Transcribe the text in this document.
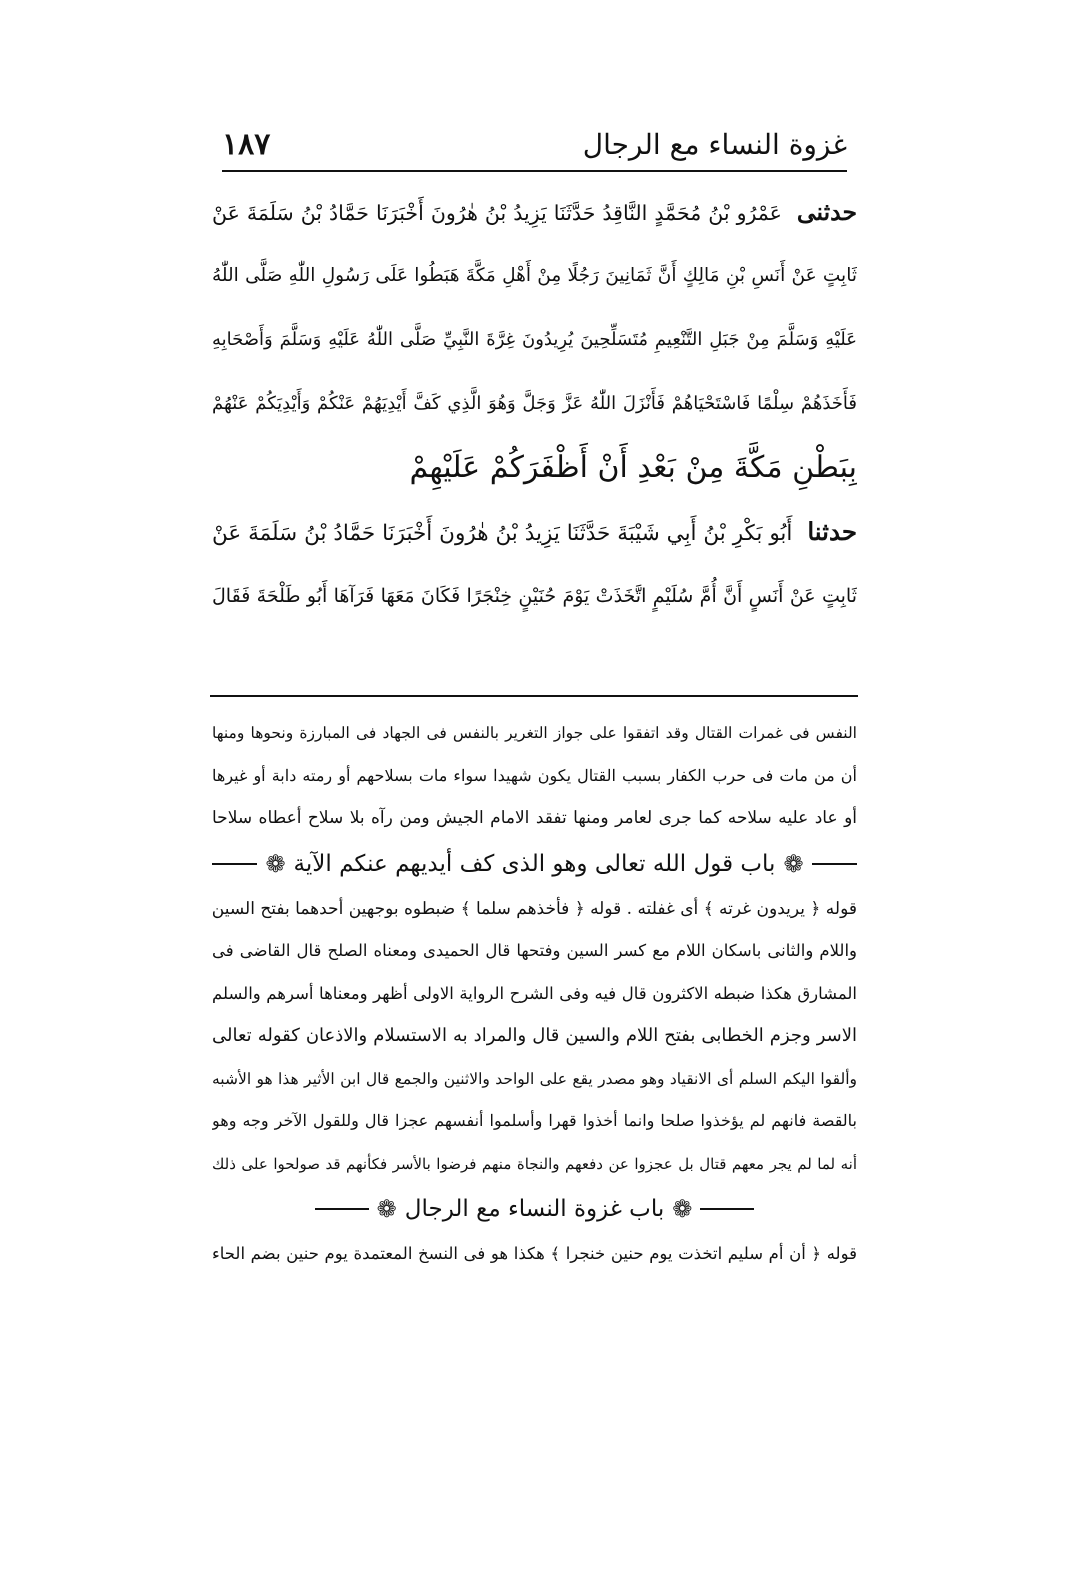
غزوة النساء مع الرجال
١٨٧
حدثنى عَمْرُو بْنُ مُحَمَّدٍ النَّاقِدُ حَدَّثَنَا يَزِيدُ بْنُ هٰرُونَ أَخْبَرَنَا حَمَّادُ بْنُ سَلَمَةَ عَنْ
ثَابِتٍ عَنْ أَنَسِ بْنِ مَالِكٍ أَنَّ ثَمَانِينَ رَجُلًا مِنْ أَهْلِ مَكَّةَ هَبَطُوا عَلَى رَسُولِ اللّٰهِ صَلَّى اللّٰهُ
عَلَيْهِ وَسَلَّمَ مِنْ جَبَلِ التَّنْعِيمِ مُتَسَلِّحِينَ يُرِيدُونَ غِرَّةَ النَّبِيِّ صَلَّى اللّٰهُ عَلَيْهِ وَسَلَّمَ وَأَصْحَابِهِ
فَأَخَذَهُمْ سِلْمًا فَاسْتَحْيَاهُمْ فَأَنْزَلَ اللّٰهُ عَزَّ وَجَلَّ وَهُوَ الَّذِي كَفَّ أَيْدِيَهُمْ عَنْكُمْ وَأَيْدِيَكُمْ عَنْهُمْ
بِبَطْنِ مَكَّةَ مِنْ بَعْدِ أَنْ أَظْفَرَكُمْ عَلَيْهِمْ
حدثنا أَبُو بَكْرِ بْنُ أَبِي شَيْبَةَ حَدَّثَنَا يَزِيدُ بْنُ هٰرُونَ أَخْبَرَنَا حَمَّادُ بْنُ سَلَمَةَ عَنْ
ثَابِتٍ عَنْ أَنَسٍ أَنَّ أُمَّ سُلَيْمٍ اتَّخَذَتْ يَوْمَ حُنَيْنٍ خِنْجَرًا فَكَانَ مَعَهَا فَرَآهَا أَبُو طَلْحَةَ فَقَالَ
النفس فى غمرات القتال وقد اتفقوا على جواز التغرير بالنفس فى الجهاد فى المبارزة ونحوها ومنها
أن من مات فى حرب الكفار بسبب القتال يكون شهيدا سواء مات بسلاحهم أو رمته دابة أو غيرها
أو عاد عليه سلاحه كما جرى لعامر ومنها تفقد الامام الجيش ومن رآه بلا سلاح أعطاه سلاحا
❁
باب قول الله تعالى وهو الذى كف أيديهم عنكم الآية
❁
قوله ﴿ يريدون غرته ﴾ أى غفلته . قوله ﴿ فأخذهم سلما ﴾ ضبطوه بوجهين أحدهما بفتح السين
واللام والثانى باسكان اللام مع كسر السين وفتحها قال الحميدى ومعناه الصلح قال القاضى فى
المشارق هكذا ضبطه الاكثرون قال فيه وفى الشرح الرواية الاولى أظهر ومعناها أسرهم والسلم
الاسر وجزم الخطابى بفتح اللام والسين قال والمراد به الاستسلام والاذعان كقوله تعالى
وألقوا اليكم السلم أى الانقياد وهو مصدر يقع على الواحد والاثنين والجمع قال ابن الأثير هذا هو الأشبه
بالقصة فانهم لم يؤخذوا صلحا وانما أخذوا قهرا وأسلموا أنفسهم عجزا قال وللقول الآخر وجه وهو
أنه لما لم يجر معهم قتال بل عجزوا عن دفعهم والنجاة منهم فرضوا بالأسر فكأنهم قد صولحوا على ذلك
❁
باب غزوة النساء مع الرجال
❁
قوله ﴿ أن أم سليم اتخذت يوم حنين خنجرا ﴾ هكذا هو فى النسخ المعتمدة يوم حنين بضم الحاء
